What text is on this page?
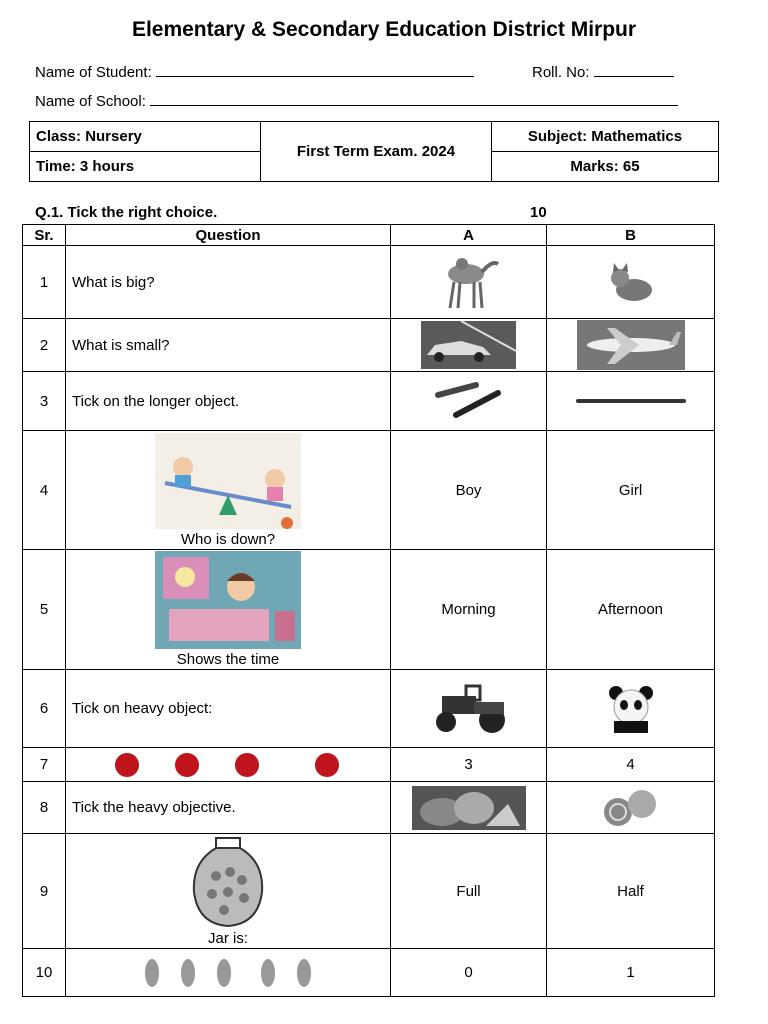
Elementary & Secondary Education District Mirpur
Name of Student:	Roll. No:
Name of School:
Class: Nursery	First Term Exam. 2024	Subject: Mathematics
Time: 3 hours		Marks: 65
Q.1. Tick the right choice.	10
Sr.	Question	A	B
1	What is big?	

2	What is small?	

3	Tick on the longer object.	

4	Who is down?	Boy	Girl
5	Shows the time	Morning	Afternoon
6	Tick on heavy object:	

7		3	4
8	Tick the heavy objective.	

9	Jar is:	Full	Half
10		0	1
